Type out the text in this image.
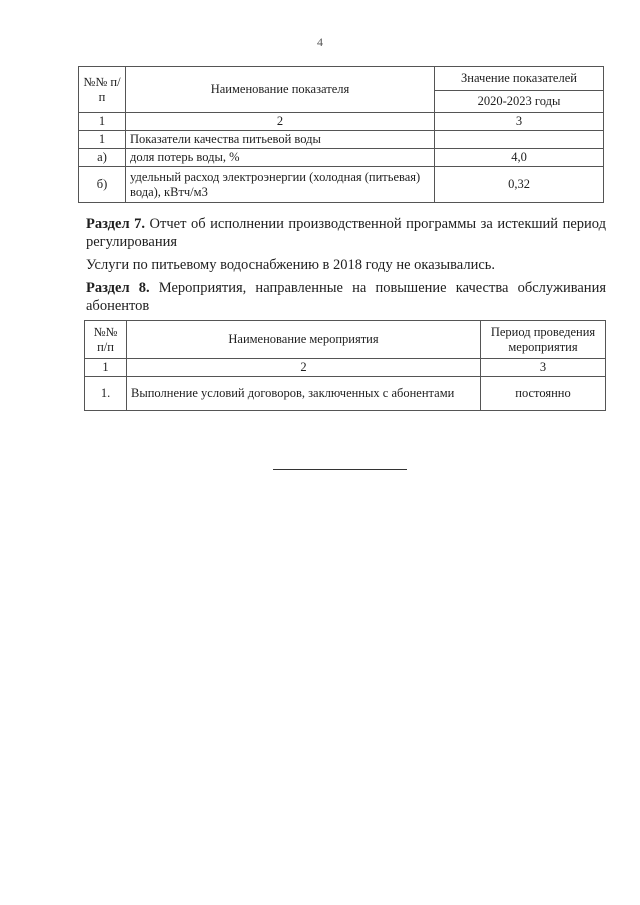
4
№№ п/п	Наименование показателя	Значение показателей
		2020-2023 годы
1	2	3
1	Показатели качества питьевой воды	
а)	доля потерь воды, %	4,0
б)	удельный расход электроэнергии (холодная (питьевая) вода), кВтч/м3	0,32
Раздел 7. Отчет об исполнении производственной программы за истекший период регулирования
Услуги по питьевому водоснабжению в 2018 году не оказывались.
Раздел 8. Мероприятия, направленные на повышение качества обслуживания абонентов
№№ п/п	Наименование мероприятия	Период проведения мероприятия
1	2	3
1.	Выполнение условий договоров, заключенных с абонентами	постоянно
